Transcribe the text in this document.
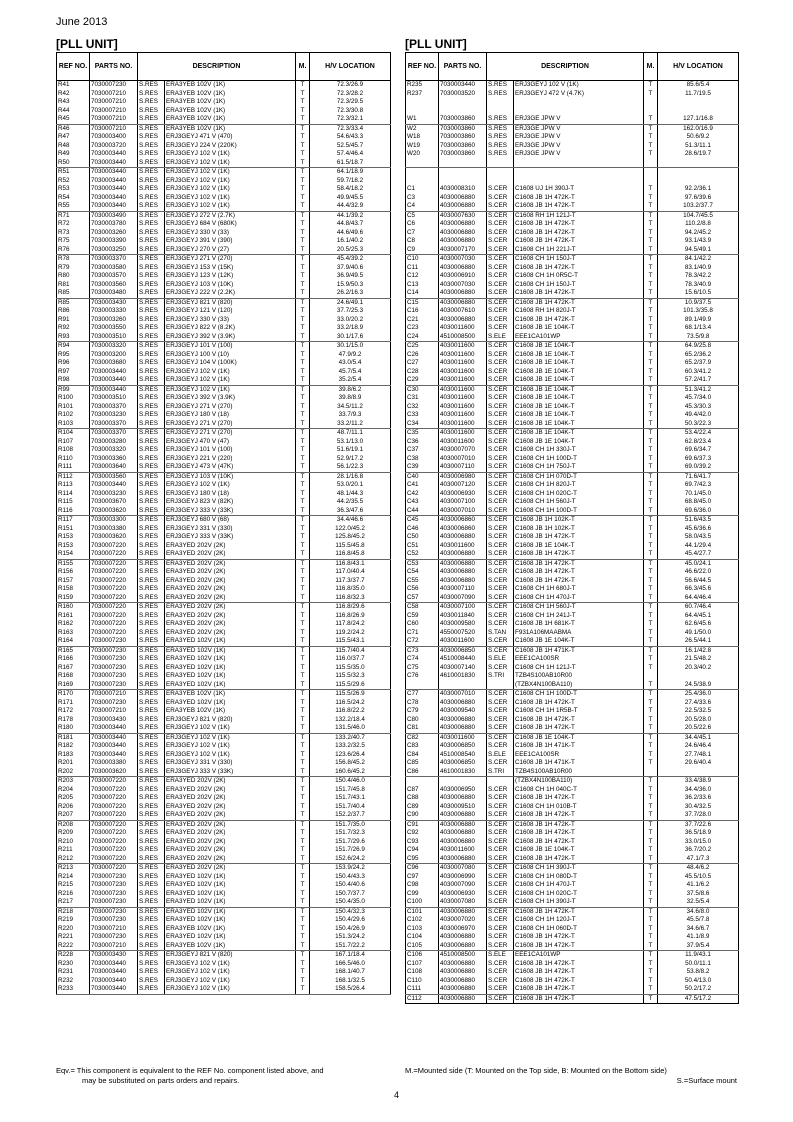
June 2013
[PLL UNIT]
REF NO.	PARTS NO.	DESCRIPTION		M.	H/V LOCATION
R41	7030007230	S.RES	ERA3YEB 102V (1K)	T	72.3/26.9
R42	7030007210	S.RES	ERA3YEB 102V (1K)	T	72.3/28.2
R43	7030007210	S.RES	ERA3YEB 102V (1K)	T	72.3/29.5
R44	7030007210	S.RES	ERA3YEB 102V (1K)	T	72.3/30.8
R45	7030007210	S.RES	ERA3YEB 102V (1K)	T	72.3/32.1
R46	7030007210	S.RES	ERA3YEB 102V (1K)	T	72.3/33.4
R47	7030003400	S.RES	ERJ3GEYJ 471 V (470)	T	54.6/43.3
R48	7030003720	S.RES	ERJ3GEYJ 224 V (220K)	T	52.5/45.7
R49	7030003440	S.RES	ERJ3GEYJ 102 V (1K)	T	57.4/46.4
R50	7030003440	S.RES	ERJ3GEYJ 102 V (1K)	T	61.5/18.7
R51	7030003440	S.RES	ERJ3GEYJ 102 V (1K)	T	64.1/18.9
R52	7030003440	S.RES	ERJ3GEYJ 102 V (1K)	T	59.7/18.2
R53	7030003440	S.RES	ERJ3GEYJ 102 V (1K)	T	58.4/18.2
R54	7030003440	S.RES	ERJ3GEYJ 102 V (1K)	T	49.9/45.5
R55	7030003440	S.RES	ERJ3GEYJ 102 V (1K)	T	44.4/32.9
R71	7030003490	S.RES	ERJ3GEYJ 272 V (2.7K)	T	44.1/39.2
R72	7030003780	S.RES	ERJ3GEYJ 684 V (680K)	T	44.8/43.7
R73	7030003260	S.RES	ERJ3GEYJ 330 V (33)	T	44.6/49.6
R75	7030003390	S.RES	ERJ3GEYJ 391 V (390)	T	16.1/40.2
R76	7030003250	S.RES	ERJ3GEYJ 270 V (27)	T	20.5/25.3
R78	7030003370	S.RES	ERJ3GEYJ 271 V (270)	T	45.4/39.2
R79	7030003580	S.RES	ERJ3GEYJ 153 V (15K)	T	37.9/40.6
R80	7030003570	S.RES	ERJ3GEYJ 123 V (12K)	T	36.9/49.5
R81	7030003560	S.RES	ERJ3GEYJ 103 V (10K)	T	15.9/50.3
R85	7030003480	S.RES	ERJ3GEYJ 222 V (2.2K)	T	26.2/16.3
R85	7030003430	S.RES	ERJ3GEYJ 821 V (820)	T	24.6/49.1
R86	7030003330	S.RES	ERJ3GEYJ 121 V (120)	T	37.7/25.3
R91	7030003260	S.RES	ERJ3GEYJ 330 V (33)	T	33.0/20.2
R92	7030003550	S.RES	ERJ3GEYJ 822 V (8.2K)	T	33.2/18.9
R93	7030003510	S.RES	ERJ3GEYJ 392 V (3.9K)	T	30.1/17.6
R94	7030003320	S.RES	ERJ3GEYJ 101 V (100)	T	30.1/15.0
R95	7030003200	S.RES	ERJ3GEYJ 100 V (10)	T	47.9/9.2
R96	7030003680	S.RES	ERJ3GEYJ 104 V (100K)	T	43.0/5.4
R97	7030003440	S.RES	ERJ3GEYJ 102 V (1K)	T	45.7/5.4
R98	7030003440	S.RES	ERJ3GEYJ 102 V (1K)	T	35.2/5.4
R99	7030003440	S.RES	ERJ3GEYJ 102 V (1K)	T	39.8/6.2
R100	7030003510	S.RES	ERJ3GEYJ 392 V (3.9K)	T	39.8/8.9
R101	7030003370	S.RES	ERJ3GEYJ 271 V (270)	T	34.5/11.2
R102	7030003230	S.RES	ERJ3GEYJ 180 V (18)	T	33.7/9.3
R103	7030003370	S.RES	ERJ3GEYJ 271 V (270)	T	33.2/11.2
R104	7030003370	S.RES	ERJ3GEYJ 271 V (270)	T	48.7/11.1
R107	7030003280	S.RES	ERJ3GEYJ 470 V (47)	T	53.1/13.0
R108	7030003320	S.RES	ERJ3GEYJ 101 V (100)	T	51.6/19.1
R110	7030003360	S.RES	ERJ3GEYJ 221 V (220)	T	52.9/17.2
R111	7030003640	S.RES	ERJ3GEYJ 473 V (47K)	T	56.1/22.3
R112	7030003560	S.RES	ERJ3GEYJ 103 V (10K)	T	28.1/16.8
R113	7030003440	S.RES	ERJ3GEYJ 102 V (1K)	T	53.0/20.1
R114	7030003230	S.RES	ERJ3GEYJ 180 V (18)	T	48.1/44.3
R115	7030003670	S.RES	ERJ3GEYJ 823 V (82K)	T	44.2/35.5
R116	7030003620	S.RES	ERJ3GEYJ 333 V (33K)	T	36.3/47.6
R117	7030003300	S.RES	ERJ3GEYJ 680 V (68)	T	34.4/46.6
R151	7030003380	S.RES	ERJ3GEYJ 331 V (330)	T	122.0/45.2
R153	7030003620	S.RES	ERJ3GEYJ 333 V (33K)	T	125.8/45.2
R153	7030007220	S.RES	ERA3YED 202V (2K)	T	115.5/45.8
R154	7030007220	S.RES	ERA3YED 202V (2K)	T	116.8/45.8
R155	7030007220	S.RES	ERA3YED 202V (2K)	T	116.8/43.1
R156	7030007220	S.RES	ERA3YED 202V (2K)	T	117.0/40.4
R157	7030007220	S.RES	ERA3YED 202V (2K)	T	117.3/37.7
R158	7030007220	S.RES	ERA3YED 202V (2K)	T	116.8/35.0
R159	7030007220	S.RES	ERA3YED 202V (2K)	T	116.8/32.3
R160	7030007220	S.RES	ERA3YED 202V (2K)	T	116.8/29.6
R161	7030007220	S.RES	ERA3YED 202V (2K)	T	116.8/26.9
R162	7030007220	S.RES	ERA3YED 202V (2K)	T	117.8/24.2
R163	7030007220	S.RES	ERA3YED 202V (2K)	T	119.2/24.2
R164	7030007230	S.RES	ERA3YED 102V (1K)	T	115.5/43.1
R165	7030007230	S.RES	ERA3YED 102V (1K)	T	115.7/40.4
R166	7030007230	S.RES	ERA3YED 102V (1K)	T	116.0/37.7
R167	7030007230	S.RES	ERA3YED 102V (1K)	T	115.5/35.0
R168	7030007230	S.RES	ERA3YED 102V (1K)	T	115.5/32.3
R169	7030007230	S.RES	ERA3YED 102V (1K)	T	115.5/29.6
R170	7030007210	S.RES	ERA3YEB 102V (1K)	T	115.5/26.9
R171	7030007230	S.RES	ERA3YED 102V (1K)	T	116.5/24.2
R172	7030007210	S.RES	ERA3YEB 102V (1K)	T	116.8/22.2
R178	7030003430	S.RES	ERJ3GEYJ 821 V (820)	T	132.2/18.4
R180	7030003440	S.RES	ERJ3GEYJ 102 V (1K)	T	131.5/46.0
R181	7030003440	S.RES	ERJ3GEYJ 102 V (1K)	T	133.2/40.7
R182	7030003440	S.RES	ERJ3GEYJ 102 V (1K)	T	133.2/32.5
R183	7030003440	S.RES	ERJ3GEYJ 102 V (1K)	T	123.6/26.4
R201	7030003380	S.RES	ERJ3GEYJ 331 V (330)	T	156.8/45.2
R202	7030003620	S.RES	ERJ3GEYJ 333 V (33K)	T	160.6/45.2
R203	7030007220	S.RES	ERA3YED 202V (2K)	T	150.4/46.0
R204	7030007220	S.RES	ERA3YED 202V (2K)	T	151.7/45.8
R205	7030007220	S.RES	ERA3YED 202V (2K)	T	151.7/43.1
R206	7030007220	S.RES	ERA3YED 202V (2K)	T	151.7/40.4
R207	7030007220	S.RES	ERA3YED 202V (2K)	T	152.2/37.7
R208	7030007220	S.RES	ERA3YED 202V (2K)	T	151.7/35.0
R209	7030007220	S.RES	ERA3YED 202V (2K)	T	151.7/32.3
R210	7030007220	S.RES	ERA3YED 202V (2K)	T	151.7/29.6
R211	7030007220	S.RES	ERA3YED 202V (2K)	T	151.7/26.9
R212	7030007220	S.RES	ERA3YED 202V (2K)	T	152.6/24.2
R213	7030007220	S.RES	ERA3YED 202V (2K)	T	153.9/24.2
R214	7030007230	S.RES	ERA3YED 102V (1K)	T	150.4/43.3
R215	7030007230	S.RES	ERA3YED 102V (1K)	T	150.4/40.6
R216	7030007230	S.RES	ERA3YED 102V (1K)	T	150.7/37.7
R217	7030007230	S.RES	ERA3YED 102V (1K)	T	150.4/35.0
R218	7030007230	S.RES	ERA3YED 102V (1K)	T	150.4/32.3
R219	7030007230	S.RES	ERA3YED 102V (1K)	T	150.4/29.6
R220	7030007210	S.RES	ERA3YEB 102V (1K)	T	150.4/26.9
R221	7030007230	S.RES	ERA3YED 102V (1K)	T	151.3/24.2
R222	7030007210	S.RES	ERA3YEB 102V (1K)	T	151.7/22.2
R228	7030003430	S.RES	ERJ3GEYJ 821 V (820)	T	167.1/18.4
R230	7030003440	S.RES	ERJ3GEYJ 102 V (1K)	T	166.5/46.0
R231	7030003440	S.RES	ERJ3GEYJ 102 V (1K)	T	168.1/40.7
R232	7030003440	S.RES	ERJ3GEYJ 102 V (1K)	T	168.1/32.5
R233	7030003440	S.RES	ERJ3GEYJ 102 V (1K)	T	158.5/26.4
[PLL UNIT]
REF NO.	PARTS NO.	DESCRIPTION		M.	H/V LOCATION
R235	7030003440	S.RES	ERJ3GEYJ 102 V (1K)	T	85.6/5.4
R237	7030003520	S.RES	ERJ3GEYJ 472 V (4.7K)	T	11.7/19.5

W1	7030003860	S.RES	ERJ3GE JPW V	T	127.1/16.8
W2	7030003860	S.RES	ERJ3GE JPW V	T	162.0/16.9
W18	7030003860	S.RES	ERJ3GE JPW V	T	50.6/9.2
W19	7030003860	S.RES	ERJ3GE JPW V	T	51.3/11.1
W20	7030003860	S.RES	ERJ3GE JPW V	T	28.6/19.7

C1	4030008310	S.CER	C1608 UJ 1H 390J-T	T	92.2/36.1
C3	4030006880	S.CER	C1608 JB 1H 472K-T	T	97.6/39.6
C4	4030006880	S.CER	C1608 JB 1H 472K-T	T	103.2/37.7
C5	4030007630	S.CER	C1608 RH 1H 121J-T	T	104.7/45.5
C6	4030006880	S.CER	C1608 JB 1H 472K-T	T	110.2/8.8
C7	4030006880	S.CER	C1608 JB 1H 472K-T	T	94.2/45.2
C8	4030006880	S.CER	C1608 JB 1H 472K-T	T	93.1/43.9
C9	4030007170	S.CER	C1608 CH 1H 221J-T	T	94.5/49.1
C10	4030007030	S.CER	C1608 CH 1H 150J-T	T	84.1/42.2
C11	4030006880	S.CER	C1608 JB 1H 472K-T	T	83.1/40.9
C12	4030006910	S.CER	C1608 CH 1H 0R5C-T	T	78.3/42.2
C13	4030007030	S.CER	C1608 CH 1H 150J-T	T	78.3/40.9
C14	4030006880	S.CER	C1608 JB 1H 472K-T	T	15.6/10.5
C15	4030006880	S.CER	C1608 JB 1H 472K-T	T	10.9/37.5
C16	4030007610	S.CER	C1608 RH 1H 820J-T	T	101.3/35.8
C21	4030006880	S.CER	C1608 JB 1H 472K-T	T	89.1/49.9
C23	4030011600	S.CER	C1608 JB 1E 104K-T	T	68.1/13.4
C24	4510008500	S.ELE	EEE1CA101WP	T	73.5/9.8
C25	4030011600	S.CER	C1608 JB 1E 104K-T	T	64.9/25.8
C26	4030011600	S.CER	C1608 JB 1E 104K-T	T	65.2/36.2
C27	4030011600	S.CER	C1608 JB 1E 104K-T	T	65.2/37.9
C28	4030011600	S.CER	C1608 JB 1E 104K-T	T	60.3/41.2
C29	4030011600	S.CER	C1608 JB 1E 104K-T	T	57.2/41.7
C30	4030011600	S.CER	C1608 JB 1E 104K-T	T	51.3/41.2
C31	4030011600	S.CER	C1608 JB 1E 104K-T	T	45.7/34.0
C32	4030011600	S.CER	C1608 JB 1E 104K-T	T	45.3/30.3
C33	4030011600	S.CER	C1608 JB 1E 104K-T	T	49.4/42.0
C34	4030011600	S.CER	C1608 JB 1E 104K-T	T	50.3/22.3
C35	4030011600	S.CER	C1608 JB 1E 104K-T	T	53.4/22.4
C36	4030011600	S.CER	C1608 JB 1E 104K-T	T	62.8/23.4
C37	4030007070	S.CER	C1608 CH 1H 330J-T	T	69.6/34.7
C38	4030007010	S.CER	C1608 CH 1H 100D-T	T	69.6/37.3
C39	4030007110	S.CER	C1608 CH 1H 750J-T	T	69.0/39.2
C40	4030006980	S.CER	C1608 CH 1H 070D-T	T	71.6/41.7
C41	4030007120	S.CER	C1608 CH 1H 820J-T	T	69.7/42.3
C42	4030006930	S.CER	C1608 CH 1H 020C-T	T	70.1/45.0
C43	4030007100	S.CER	C1608 CH 1H 560J-T	T	68.8/45.0
C44	4030007010	S.CER	C1608 CH 1H 100D-T	T	69.6/36.0
C45	4030006860	S.CER	C1608 JB 1H 102K-T	T	51.6/43.5
C46	4030006860	S.CER	C1608 JB 1H 102K-T	T	45.6/36.6
C50	4030006880	S.CER	C1608 JB 1H 472K-T	T	58.0/43.5
C51	4030011600	S.CER	C1608 JB 1E 104K-T	T	44.1/29.4
C52	4030006880	S.CER	C1608 JB 1H 472K-T	T	45.4/27.7
C53	4030006880	S.CER	C1608 JB 1H 472K-T	T	45.0/24.1
C54	4030006880	S.CER	C1608 JB 1H 472K-T	T	46.6/22.0
C55	4030006880	S.CER	C1608 JB 1H 472K-T	T	56.6/44.5
C56	4030007110	S.CER	C1608 CH 1H 680J-T	T	66.3/45.6
C57	4030007090	S.CER	C1608 CH 1H 470J-T	T	64.4/46.4
C58	4030007100	S.CER	C1608 CH 1H 560J-T	T	60.7/46.4
C59	4030011840	S.CER	C1608 CH 1H 241J-T	T	64.4/45.1
C60	4030009580	S.CER	C1608 JB 1H 681K-T	T	62.6/45.6
C71	4550007520	S.TAN	F931A106MAABMA	T	49.1/50.0
C72	4030011600	S.CER	C1608 JB 1E 104K-T	T	26.5/44.1
C73	4030006850	S.CER	C1608 JB 1H 471K-T	T	16.1/42.8
C74	4510008440	S.ELE	EEE1CA100SR	T	21.5/48.2
C75	4030007140	S.CER	C1608 CH 1H 121J-T	T	20.3/40.2
C76	4610001830	S.TRI	TZB4S100AB10R00		
			(TZBX4N100BA110)	T	24.5/38.9
C77	4030007010	S.CER	C1608 CH 1H 100D-T	T	25.4/36.0
C78	4030006880	S.CER	C1608 JB 1H 472K-T	T	27.4/33.6
C79	4030009540	S.CER	C1608 CH 1H 1R5B-T	T	22.5/32.5
C80	4030006880	S.CER	C1608 JB 1H 472K-T	T	20.5/28.0
C81	4030006880	S.CER	C1608 JB 1H 472K-T	T	20.5/22.6
C82	4030011600	S.CER	C1608 JB 1E 104K-T	T	34.4/45.1
C83	4030006850	S.CER	C1608 JB 1H 471K-T	T	24.6/46.4
C84	4510008540	S.ELE	EEE1CA100SR	T	27.7/48.1
C85	4030006850	S.CER	C1608 JB 1H 471K-T	T	29.6/40.4
C86	4610001830	S.TRI	TZB4S100AB10R00		
			(TZBX4N100BA110)	T	33.4/38.9
C87	4030006950	S.CER	C1608 CH 1H 040C-T	T	34.4/36.0
C88	4030006880	S.CER	C1608 JB 1H 472K-T	T	36.2/33.6
C89	4030009510	S.CER	C1608 CH 1H 010B-T	T	30.4/32.5
C90	4030006880	S.CER	C1608 JB 1H 472K-T	T	37.7/28.0
C91	4030006880	S.CER	C1608 JB 1H 472K-T	T	37.7/22.6
C92	4030006880	S.CER	C1608 JB 1H 472K-T	T	36.5/18.9
C93	4030006880	S.CER	C1608 JB 1H 472K-T	T	33.0/15.0
C94	4030011600	S.CER	C1608 JB 1E 104K-T	T	36.7/20.2
C95	4030006880	S.CER	C1608 JB 1H 472K-T	T	47.1/7.3
C96	4030007080	S.CER	C1608 CH 1H 390J-T	T	48.4/6.2
C97	4030006990	S.CER	C1608 CH 1H 080D-T	T	45.5/10.5
C98	4030007090	S.CER	C1608 CH 1H 470J-T	T	41.1/6.2
C99	4030006930	S.CER	C1608 CH 1H 020C-T	T	37.5/8.6
C100	4030007080	S.CER	C1608 CH 1H 390J-T	T	32.5/5.4
C101	4030006880	S.CER	C1608 JB 1H 472K-T	T	34.6/8.0
C102	4030007020	S.CER	C1608 CH 1H 120J-T	T	45.5/7.8
C103	4030006970	S.CER	C1608 CH 1H 060D-T	T	34.6/6.7
C104	4030006880	S.CER	C1608 JB 1H 472K-T	T	41.1/8.9
C105	4030006880	S.CER	C1608 JB 1H 472K-T	T	37.9/5.4
C106	4510008500	S.ELE	EEE1CA101WP	T	11.9/43.1
C107	4030006880	S.CER	C1608 JB 1H 472K-T	T	50.0/11.1
C108	4030006880	S.CER	C1608 JB 1H 472K-T	T	53.8/8.2
C110	4030006880	S.CER	C1608 JB 1H 472K-T	T	50.4/13.0
C111	4030006880	S.CER	C1608 JB 1H 472K-T	T	50.2/17.2
C112	4030006880	S.CER	C1608 JB 1H 472K-T	T	47.5/17.2
Eqv.= This component is equivalent to the REF No. component listed above, and
may be substituted on parts orders and repairs.
M.=Mounted side (T: Mounted on the Top side, B: Mounted on the Bottom side)
S.=Surface mount
4
